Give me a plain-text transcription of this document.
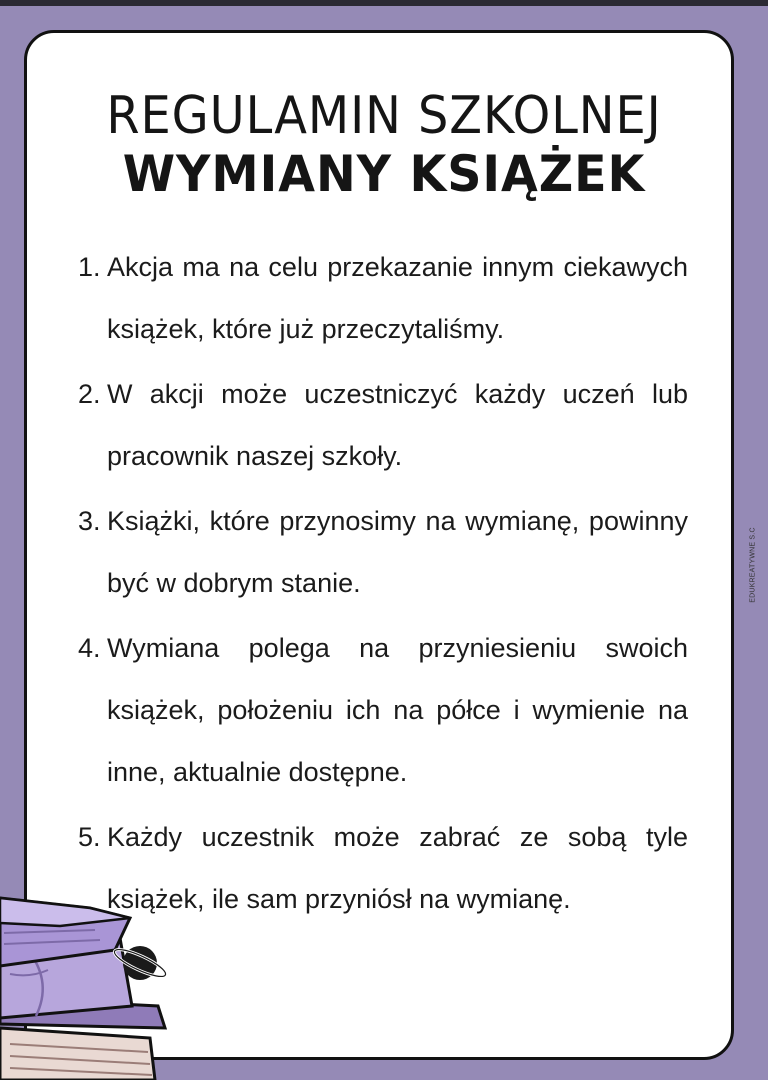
REGULAMIN SZKOLNEJ
WYMIANY KSIĄŻEK
1. Akcja ma na celu przekazanie innym ciekawych książek, które już przeczytaliśmy.
2. W akcji może uczestniczyć każdy uczeń lub pracownik naszej szkoły.
3. Książki, które przynosimy na wymianę, powinny być w dobrym stanie.
4. Wymiana polega na przyniesieniu swoich książek, położeniu ich na półce i wymienie na inne, aktualnie dostępne.
5. Każdy uczestnik może zabrać ze sobą tyle książek, ile sam przyniósł na wymianę.
EDUKREATYWNE S.C
